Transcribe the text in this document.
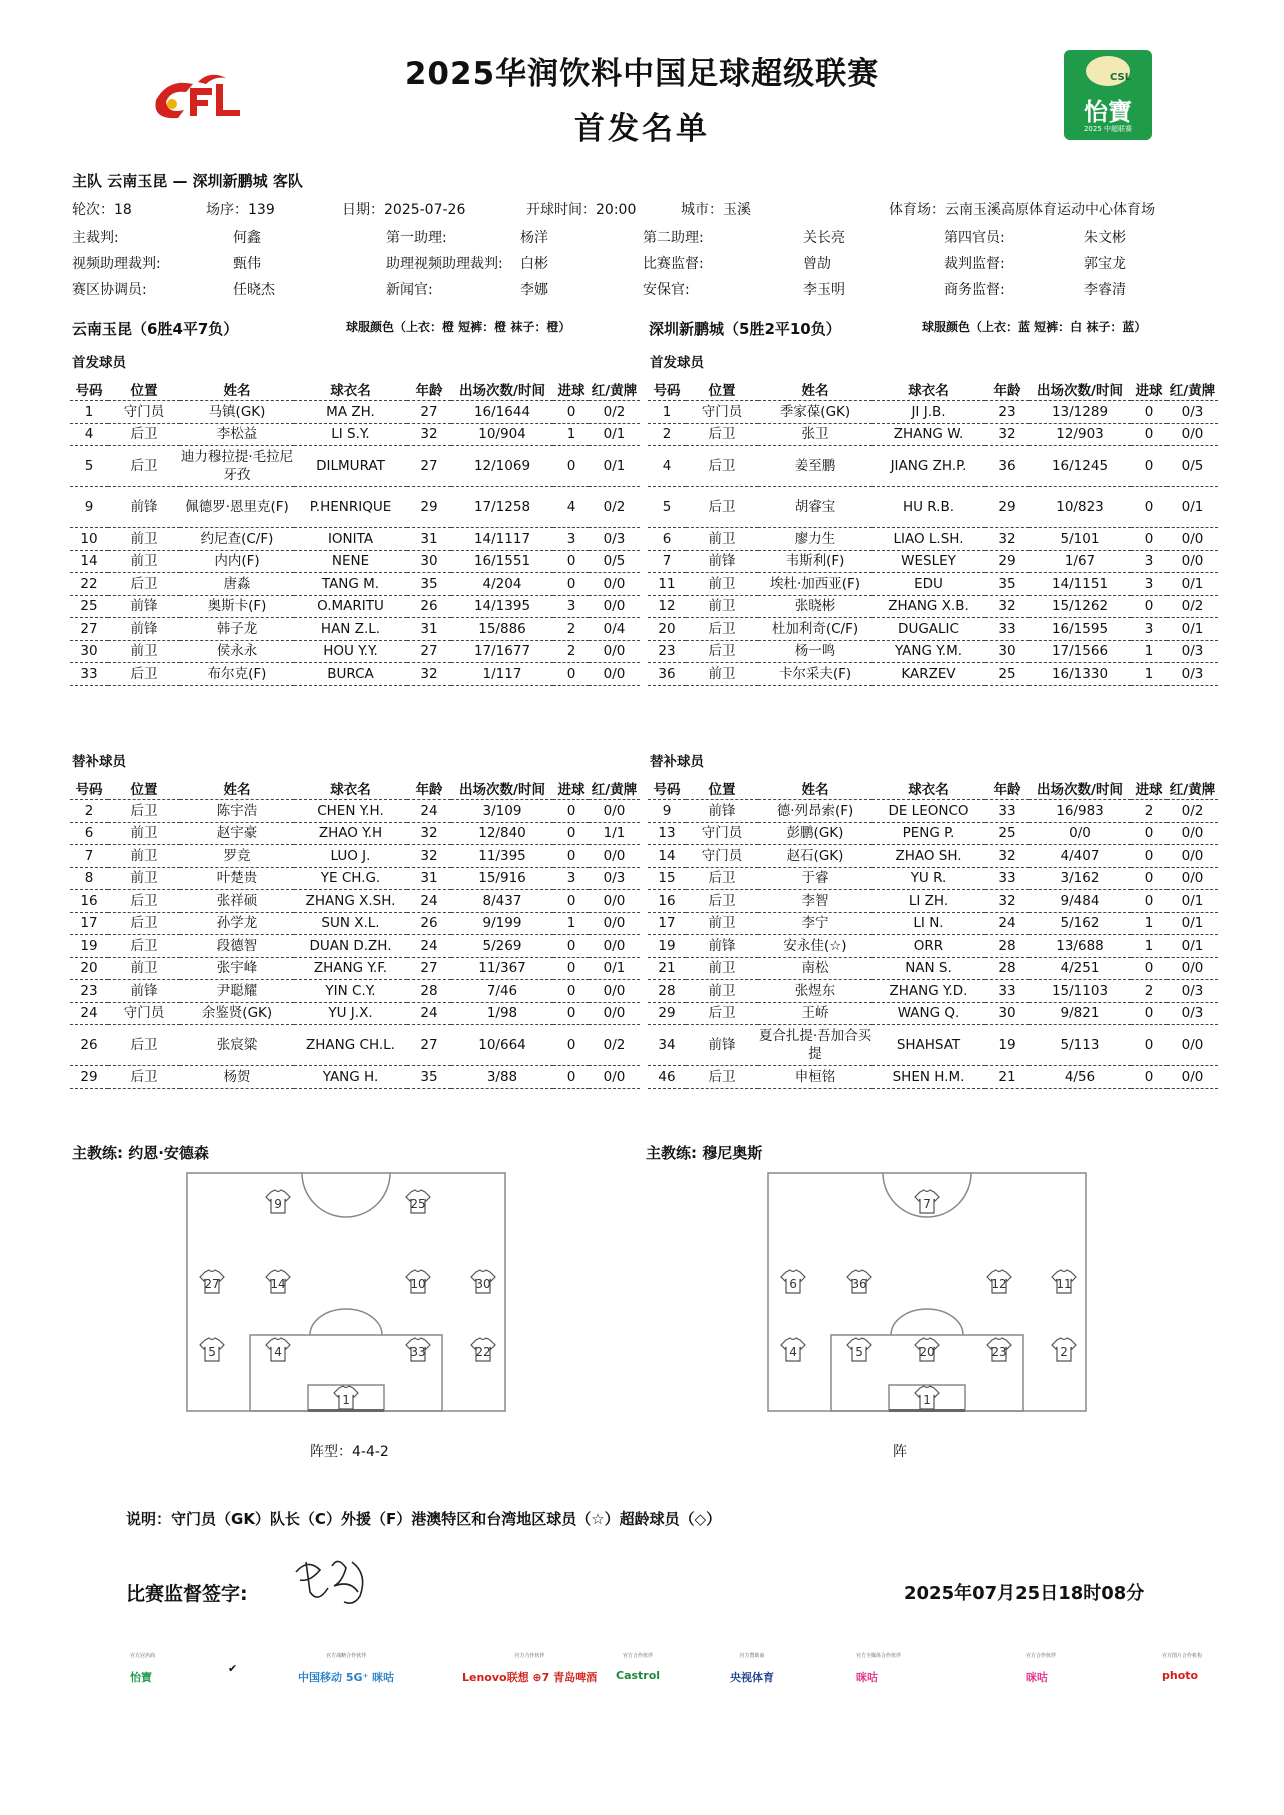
CFL	2025华润饮料中国足球超级联赛
首发名单
CSL
怡寶
2025 中超联赛
主队 云南玉昆 — 深圳新鹏城 客队
轮次：18	场序：139	日期：2025-07-26	开球时间：20:00	城市：玉溪	体育场：云南玉溪高原体育运动中心体育场
主裁判:	何鑫	第一助理:	杨洋	第二助理:	关长亮	第四官员:	朱文彬
视频助理裁判:	甄伟	助理视频助理裁判: 白彬	比赛监督:	曾劼	裁判监督:	郭宝龙
赛区协调员:	任晓杰	新闻官:	李娜	安保官:	李玉明	商务监督:	李睿清
云南玉昆（6胜4平7负）	球服颜色（上衣：橙 短裤：橙 袜子：橙）	深圳新鹏城（5胜2平10负）	球服颜色（上衣：蓝 短裤：白 袜子：蓝）
首发球员	首发球员
号码	位置	姓名	球衣名	年龄	出场次数/时间	进球	红/黄牌
1	守门员	马镇(GK)	MA ZH.	27	16/1644	0	0/2
4	后卫	李松益	LI S.Y.	32	10/904	1	0/1
5	后卫	迪力穆拉提·毛拉尼牙孜	DILMURAT	27	12/1069	0	0/1
9	前锋	佩德罗·恩里克(F)	P.HENRIQUE	29	17/1258	4	0/2
10	前卫	约尼查(C/F)	IONITA	31	14/1117	3	0/3
14	前卫	内内(F)	NENE	30	16/1551	0	0/5
22	后卫	唐淼	TANG M.	35	4/204	0	0/0
25	前锋	奥斯卡(F)	O.MARITU	26	14/1395	3	0/0
27	前锋	韩子龙	HAN Z.L.	31	15/886	2	0/4
30	前卫	侯永永	HOU Y.Y.	27	17/1677	2	0/0
33	后卫	布尔克(F)	BURCA	32	1/117	0	0/0
号码	位置	姓名	球衣名	年龄	出场次数/时间	进球	红/黄牌
1	守门员	季家葆(GK)	JI J.B.	23	13/1289	0	0/3
2	后卫	张卫	ZHANG W.	32	12/903	0	0/0
4	后卫	姜至鹏	JIANG ZH.P.	36	16/1245	0	0/5
5	后卫	胡睿宝	HU R.B.	29	10/823	0	0/1
6	前卫	廖力生	LIAO L.SH.	32	5/101	0	0/0
7	前锋	韦斯利(F)	WESLEY	29	1/67	3	0/0
11	前卫	埃杜·加西亚(F)	EDU	35	14/1151	3	0/1
12	前卫	张晓彬	ZHANG X.B.	32	15/1262	0	0/2
20	后卫	杜加利奇(C/F)	DUGALIC	33	16/1595	3	0/1
23	后卫	杨一鸣	YANG Y.M.	30	17/1566	1	0/3
36	前卫	卡尔采夫(F)	KARZEV	25	16/1330	1	0/3
替补球员	替补球员
号码	位置	姓名	球衣名	年龄	出场次数/时间	进球	红/黄牌
2	后卫	陈宇浩	CHEN Y.H.	24	3/109	0	0/0
6	前卫	赵宇豪	ZHAO Y.H	32	12/840	0	1/1
7	前卫	罗竞	LUO J.	32	11/395	0	0/0
8	前卫	叶楚贵	YE CH.G.	31	15/916	3	0/3
16	后卫	张祥硕	ZHANG X.SH.	24	8/437	0	0/0
17	后卫	孙学龙	SUN X.L.	26	9/199	1	0/0
19	后卫	段德智	DUAN D.ZH.	24	5/269	0	0/0
20	前卫	张宇峰	ZHANG Y.F.	27	11/367	0	0/1
23	前锋	尹聪耀	YIN C.Y.	28	7/46	0	0/0
24	守门员	余鉴贤(GK)	YU J.X.	24	1/98	0	0/0
26	后卫	张宸粱	ZHANG CH.L.	27	10/664	0	0/2
29	后卫	杨贺	YANG H.	35	3/88	0	0/0
号码	位置	姓名	球衣名	年龄	出场次数/时间	进球	红/黄牌
9	前锋	德·列昂索(F)	DE LEONCO	33	16/983	2	0/2
13	守门员	彭鹏(GK)	PENG P.	25	0/0	0	0/0
14	守门员	赵石(GK)	ZHAO SH.	32	4/407	0	0/0
15	后卫	于睿	YU R.	33	3/162	0	0/0
16	后卫	李智	LI ZH.	32	9/484	0	0/1
17	前卫	李宁	LI N.	24	5/162	1	0/1
19	前锋	安永佳(☆)	ORR	28	13/688	1	0/1
21	前卫	南松	NAN S.	28	4/251	0	0/0
28	前卫	张煜东	ZHANG Y.D.	33	15/1103	2	0/3
29	后卫	王峤	WANG Q.	30	9/821	0	0/3
34	前锋	夏合扎提·吾加合买提	SHAHSAT	19	5/113	0	0/0
46	后卫	申桓铭	SHEN H.M.	21	4/56	0	0/0
主教练: 约恩·安德森	主教练: 穆尼奥斯
9	25
27	14	10	30
5	4	33	22
1
7
6	36	12	11
4	5	20	23	2
1
阵型：4-4-2	阵
说明：守门员（GK）队长（C）外援（F）港澳特区和台湾地区球员（☆）超龄球员（◇）
比赛监督签字:	2025年07月25日18时08分
官方冠名商
怡寶
✔
官方战略合作伙伴
中国移动 5G⁺ 咪咕
官方合作伙伴
Lenovo联想 ⊕7 青岛啤酒
官方合作伙伴
Castrol
官方赞助商
央视体育
官方全媒体合作伙伴
咪咕
官方合作伙伴
咪咕
官方图片合作机构
photo
